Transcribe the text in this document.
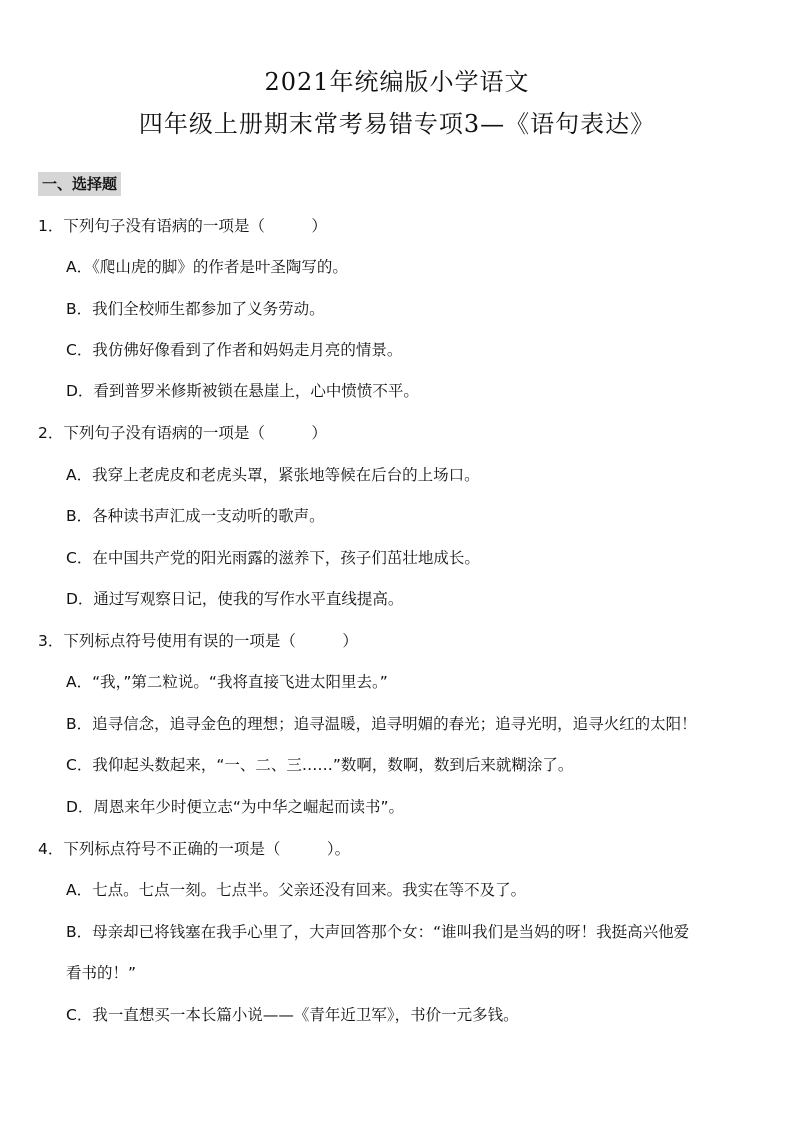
2021年统编版小学语文
四年级上册期末常考易错专项3—《语句表达》
一、选择题
1．下列句子没有语病的一项是（　　　）
A．《爬山虎的脚》的作者是叶圣陶写的。
B．我们全校师生都参加了义务劳动。
C．我仿佛好像看到了作者和妈妈走月亮的情景。
D．看到普罗米修斯被锁在悬崖上，心中愤愤不平。
2．下列句子没有语病的一项是（　　　）
A．我穿上老虎皮和老虎头罩，紧张地等候在后台的上场口。
B．各种读书声汇成一支动听的歌声。
C．在中国共产党的阳光雨露的滋养下，孩子们茁壮地成长。
D．通过写观察日记，使我的写作水平直线提高。
3．下列标点符号使用有误的一项是（　　　）
A．“我，”第二粒说。“我将直接飞进太阳里去。”
B．追寻信念，追寻金色的理想；追寻温暖，追寻明媚的春光；追寻光明，追寻火红的太阳！
C．我仰起头数起来，“一、二、三……”数啊，数啊，数到后来就糊涂了。
D．周恩来年少时便立志“为中华之崛起而读书”。
4．下列标点符号不正确的一项是（　　　）。
A．七点。七点一刻。七点半。父亲还没有回来。我实在等不及了。
B．母亲却已将钱塞在我手心里了，大声回答那个女：“谁叫我们是当妈的呀！我挺高兴他爱
看书的！”
C．我一直想买一本长篇小说——《青年近卫军》，书价一元多钱。
